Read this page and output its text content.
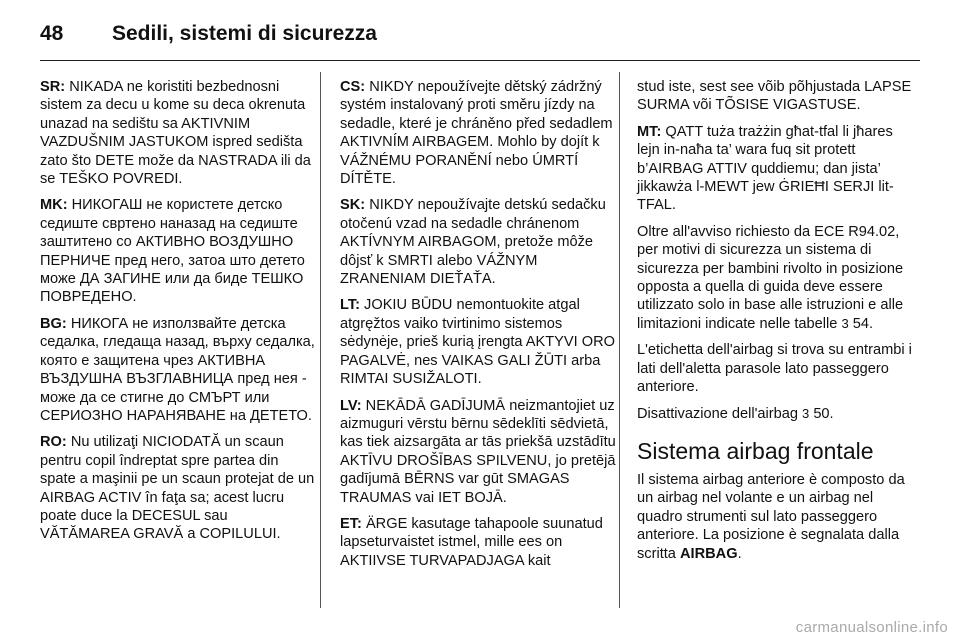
48	Sedili, sistemi di sicurezza

SR: NIKADA ne koristiti bezbednosni sistem za decu u kome su deca okrenuta unazad na sedištu sa AKTIVNIM VAZDUŠNIM JASTUKOM ispred sedišta zato što DETE može da NASTRADA ili da se TEŠKO POVREDI.

MK: НИКОГАШ не користете детско седиште свртено наназад на седиште заштитено со АКТИВНО ВОЗДУШНО ПЕРНИЧЕ пред него, затоа што детето може ДА ЗАГИНЕ или да биде ТЕШКО ПОВРЕДЕНО.

BG: НИКОГА не използвайте детска седалка, гледаща назад, върху седалка, която е защитена чрез АКТИВНА ВЪЗДУШНА ВЪЗГЛАВНИЦА пред нея - може да се стигне до СМЪРТ или СЕРИОЗНО НАРАНЯВАНЕ на ДЕТЕТО.

RO: Nu utilizaţi NICIODATĂ un scaun pentru copil îndreptat spre partea din spate a maşinii pe un scaun protejat de un AIRBAG ACTIV în faţa sa; acest lucru poate duce la DECESUL sau VĂTĂMAREA GRAVĂ a COPILULUI.

CS: NIKDY nepoužívejte dětský zádržný systém instalovaný proti směru jízdy na sedadle, které je chráněno před sedadlem AKTIVNÍM AIRBAGEM. Mohlo by dojít k VÁŽNÉMU PORANĚNÍ nebo ÚMRTÍ DÍTĚTE.

SK: NIKDY nepoužívajte detskú sedačku otočenú vzad na sedadle chránenom AKTÍVNYM AIRBAGOM, pretože môže dôjsť k SMRTI alebo VÁŽNYM ZRANENIAM DIEŤAŤA.

LT: JOKIU BŪDU nemontuokite atgal atgręžtos vaiko tvirtinimo sistemos sėdynėje, prieš kurią įrengta AKTYVI ORO PAGALVĖ, nes VAIKAS GALI ŽŪTI arba RIMTAI SUSIŽALOTI.

LV: NEKĀDĀ GADĪJUMĀ neizmantojiet uz aizmuguri vērstu bērnu sēdeklīti sēdvietā, kas tiek aizsargāta ar tās priekšā uzstādītu AKTĪVU DROŠĪBAS SPILVENU, jo pretējā gadījumā BĒRNS var gūt SMAGAS TRAUMAS vai IET BOJĀ.

ET: ÄRGE kasutage tahapoole suunatud lapseturvaistet istmel, mille ees on AKTIIVSE TURVAPADJAGA kait

stud iste, sest see võib põhjustada LAPSE SURMA või TÕSISE VIGASTUSE.

MT: QATT tuża trażżin għat-tfal li jħares lejn in-naħa ta’ wara fuq sit protett b’AIRBAG ATTIV quddiemu; dan jista’ jikkawża l-MEWT jew ĠRIEĦI SERJI lit-TFAL.

Oltre all'avviso richiesto da ECE R94.02, per motivi di sicurezza un sistema di sicurezza per bambini rivolto in posizione opposta a quella di guida deve essere utilizzato solo in base alle istruzioni e alle limitazioni indicate nelle tabelle 3 54.

L'etichetta dell'airbag si trova su entrambi i lati dell'aletta parasole lato passeggero anteriore.

Disattivazione dell'airbag 3 50.

Sistema airbag frontale

Il sistema airbag anteriore è composto da un airbag nel volante e un airbag nel quadro strumenti sul lato passeggero anteriore. La posizione è segnalata dalla scritta AIRBAG.

carmanualsonline.info
